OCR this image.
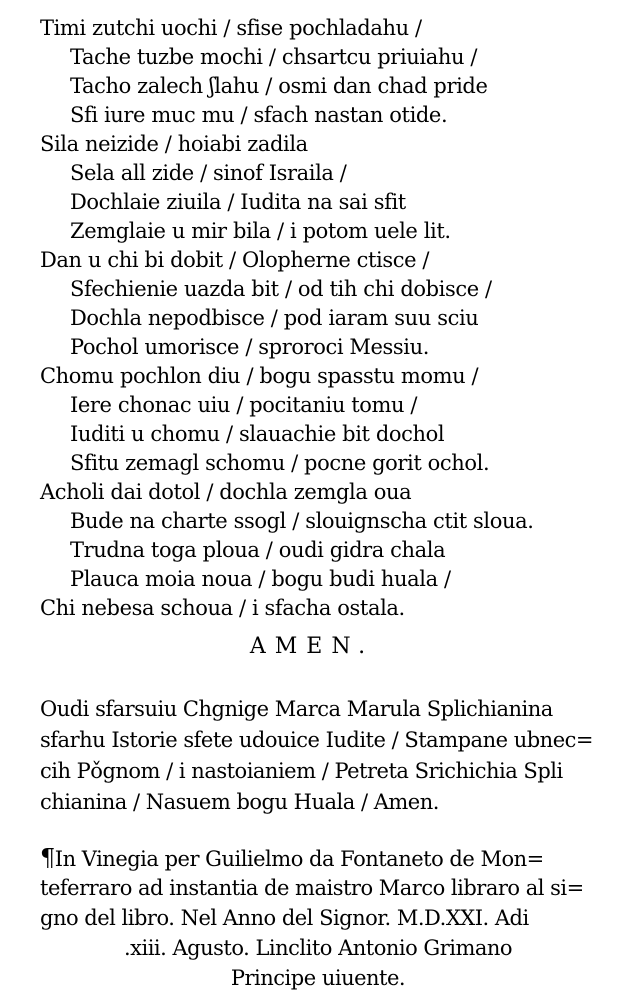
Timi zutchi uochi / sfise pochladahu /
Tache tuzbe mochi / chsartcu priuiahu /
Tacho zalech ʃlahu / osmi dan chad pride
Sfi iure muc mu / sfach nastan otide.
Sila neizide / hoiabi zadila
Sela all zide / sinof Israila /
Dochlaie ziuila / Iudita na sai sfit
Zemglaie u mir bila / i potom uele lit.
Dan u chi bi dobit / Olopherne ctisce /
Sfechienie uazda bit / od tih chi dobisce /
Dochla nepodbisce / pod iaram suu sciu
Pochol umorisce / sproroci Messiu.
Chomu pochlon diu / bogu spasstu momu /
Iere chonac uiu / pocitaniu tomu /
Iuditi u chomu / slauachie bit dochol
Sfitu zemagl schomu / pocne gorit ochol.
Acholi dai dotol / dochla zemgla oua
Bude na charte ssogl / slouignscha ctit sloua.
Trudna toga ploua / oudi gidra chala
Plauca moia noua / bogu budi huala /
Chi nebesa schoua / i sfacha ostala.
AMEN.
Oudi sfarsuiu Chgnige Marca Marula Splichianina
sfarhu Istorie sfete udouice Iudite / Stampane ubnec=
cih Pǒgnom / i nastoianiem / Petreta Srichichia Spli
chianina / Nasuem bogu Huala / Amen.
¶In Vinegia per Guilielmo da Fontaneto de Mon=
teferraro ad instantia de maistro Marco libraro al si=
gno del libro. Nel Anno del Signor. M.D.XXI. Adi
.xiii. Agusto. Linclito Antonio Grimano
Principe uiuente.
